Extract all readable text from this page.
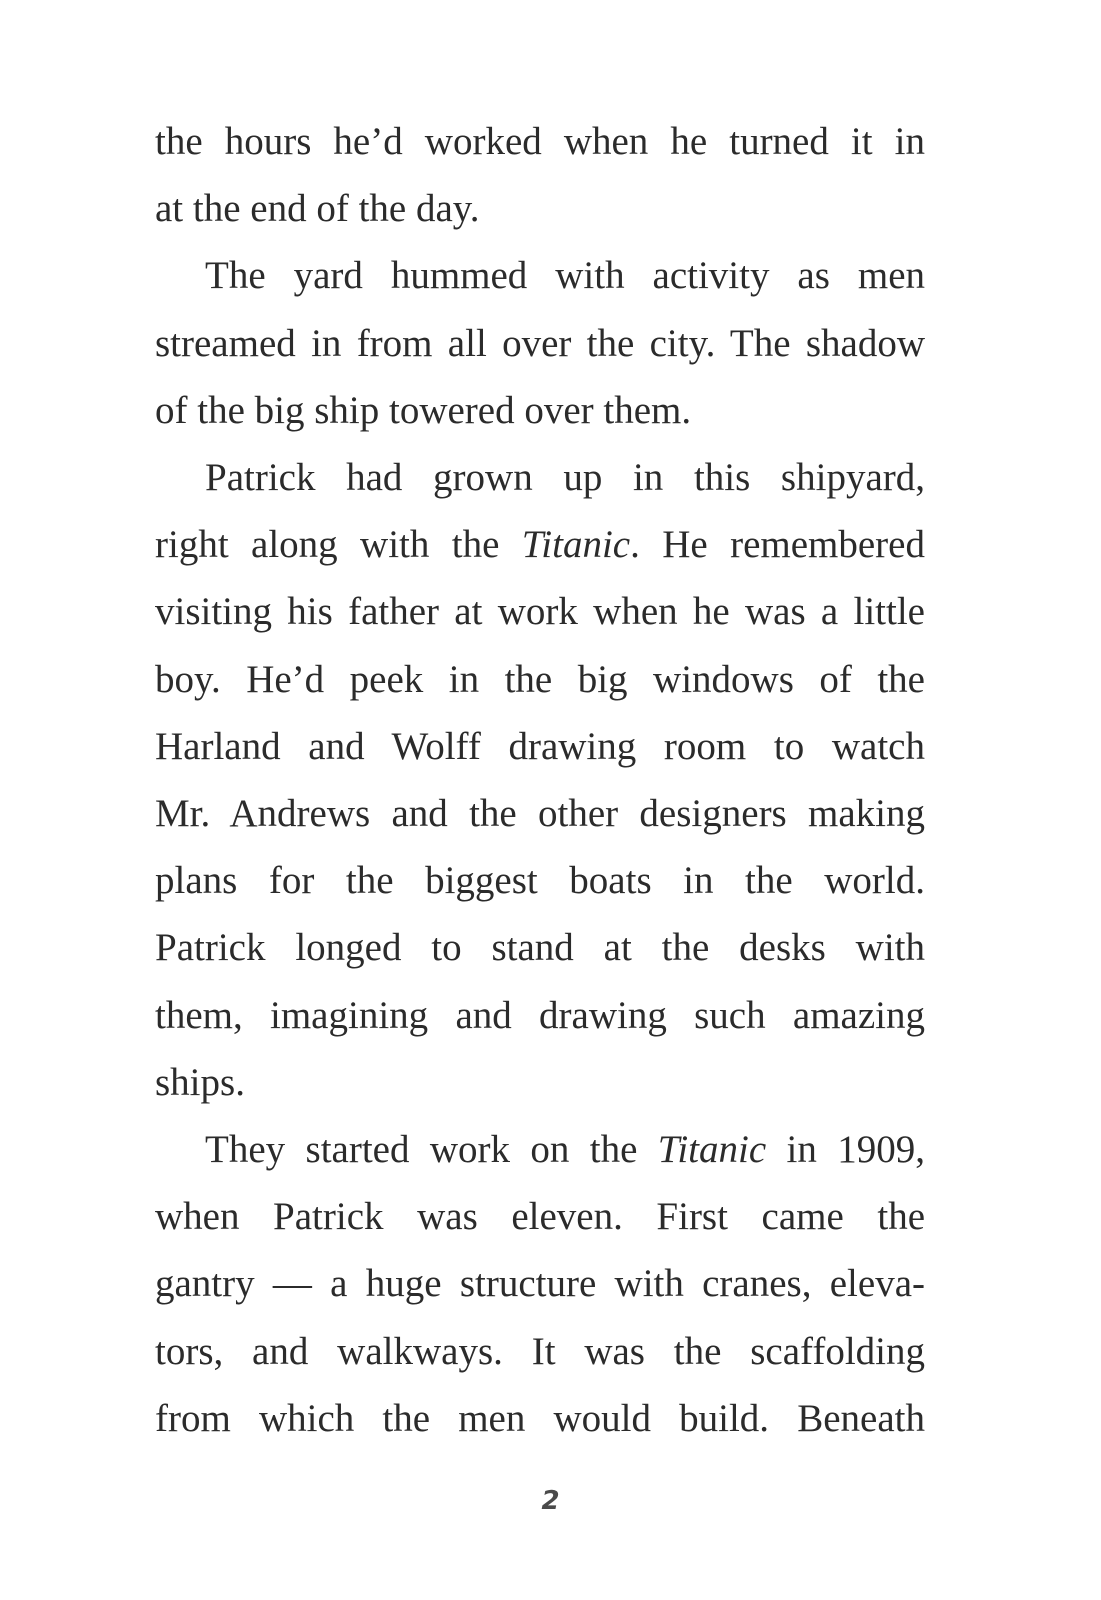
the hours he’d worked when he turned it in
at the end of the day.

The yard hummed with activity as men
streamed in from all over the city. The shadow
of the big ship towered over them.

Patrick had grown up in this shipyard,
right along with the Titanic. He remembered
visiting his father at work when he was a little
boy. He’d peek in the big windows of the
Harland and Wolff drawing room to watch
Mr. Andrews and the other designers making
plans for the biggest boats in the world.
Patrick longed to stand at the desks with
them, imagining and drawing such amazing
ships.

They started work on the Titanic in 1909,
when Patrick was eleven. First came the
gantry — a huge structure with cranes, eleva-
tors, and walkways. It was the scaffolding
from which the men would build. Beneath

2
